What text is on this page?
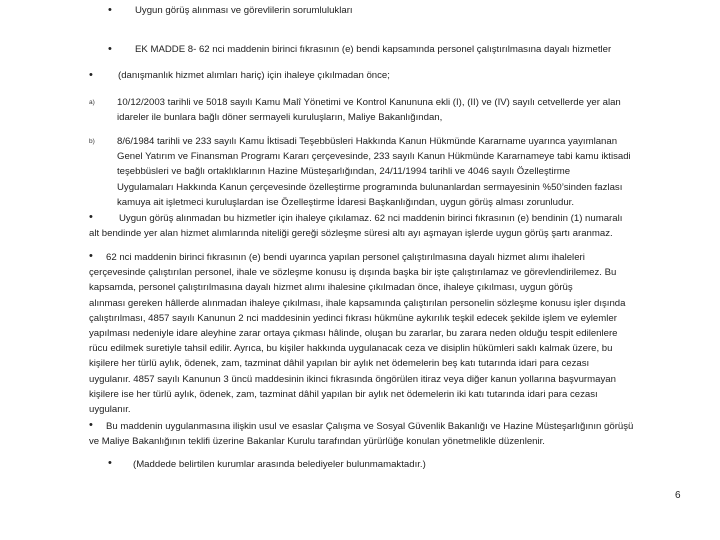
• Uygun görüş alınması ve görevlilerin sorumlulukları
• EK MADDE 8- 62 nci maddenin birinci fıkrasının (e) bendi kapsamında personel çalıştırılmasına dayalı hizmetler
•	(danışmanlık hizmet alımları hariç) için ihaleye çıkılmadan önce;
a) 10/12/2003 tarihli ve 5018 sayılı Kamu Malî Yönetimi ve Kontrol Kanununa ekli (I), (II) ve (IV) sayılı cetvellerde yer alan

idareler ile bunlara bağlı döner sermayeli kuruluşların, Maliye Bakanlığından,

b) 8/6/1984 tarihli ve 233 sayılı Kamu İktisadi Teşebbüsleri Hakkında Kanun Hükmünde Kararname uyarınca yayımlanan

Genel Yatırım ve Finansman Programı Kararı çerçevesinde, 233 sayılı Kanun Hükmünde Kararnameye tabi kamu iktisadi

teşebbüsleri ve bağlı ortaklıklarının Hazine Müsteşarlığından, 24/11/1994 tarihli ve 4046 sayılı Özelleştirme

Uygulamaları Hakkında Kanun çerçevesinde özelleştirme programında bulunanlardan sermayesinin %50’sinden fazlası

kamuya ait işletmeci kuruluşlardan ise Özelleştirme İdaresi Başkanlığından, uygun görüş alması zorunludur.

•	Uygun görüş alınmadan bu hizmetler için ihaleye çıkılamaz. 62 nci maddenin birinci fıkrasının (e) bendinin (1) numaralı

alt bendinde yer alan hizmet alımlarında niteliği gereği sözleşme süresi altı ayı aşmayan işlerde uygun görüş şartı aranmaz.

•	62 nci maddenin birinci fıkrasının (e) bendi uyarınca yapılan personel çalıştırılmasına dayalı hizmet alımı ihaleleri

çerçevesinde çalıştırılan personel, ihale ve sözleşme konusu iş dışında başka bir işte çalıştırılamaz ve görevlendirilemez. Bu

kapsamda, personel çalıştırılmasına dayalı hizmet alımı ihalesine çıkılmadan önce, ihaleye çıkılması, uygun görüş

alınması gereken hâllerde alınmadan ihaleye çıkılması, ihale kapsamında çalıştırılan personelin sözleşme konusu işler dışında

çalıştırılması, 4857 sayılı Kanunun 2 nci maddesinin yedinci fıkrası hükmüne aykırılık teşkil edecek şekilde işlem ve eylemler

yapılması nedeniyle idare aleyhine zarar ortaya çıkması hâlinde, oluşan bu zararlar, bu zarara neden olduğu tespit edilenlere

rücu edilmek suretiyle tahsil edilir. Ayrıca, bu kişiler hakkında uygulanacak ceza ve disiplin hükümleri saklı kalmak üzere, bu

kişilere her türlü aylık, ödenek, zam, tazminat dâhil yapılan bir aylık net ödemelerin beş katı tutarında idari para cezası

uygulanır. 4857 sayılı Kanunun 3 üncü maddesinin ikinci fıkrasında öngörülen itiraz veya diğer kanun yollarına başvurmayan

kişilere ise her türlü aylık, ödenek, zam, tazminat dâhil yapılan bir aylık net ödemelerin iki katı tutarında idari para cezası

uygulanır.

•	Bu maddenin uygulanmasına ilişkin usul ve esaslar Çalışma ve Sosyal Güvenlik Bakanlığı ve Hazine Müsteşarlığının görüşü

ve Maliye Bakanlığının teklifi üzerine Bakanlar Kurulu tarafından yürürlüğe konulan yönetmelikle düzenlenir.

• (Maddede belirtilen kurumlar arasında belediyeler bulunmamaktadır.)
6
